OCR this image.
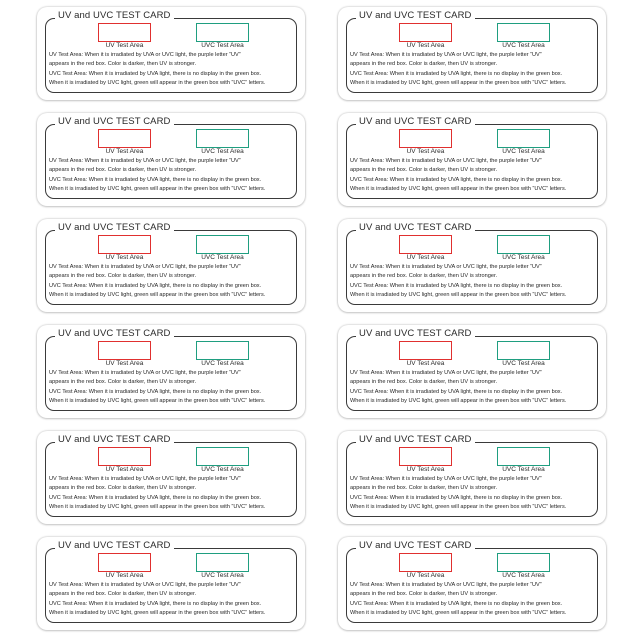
UV and UVC TEST CARD
UV Test Area	UVC Test Area
UV Test Area: When it is irradiated by UVA or UVC light, the purple letter “UV”
appears in the red box. Color is darker, then UV is stronger.
UVC Test Area: When it is irradiated by UVA light, there is no display in the green box.
When it is irradiated by UVC light, green will appear in the green box with “UVC” letters.
UV and UVC TEST CARD
UV Test Area	UVC Test Area
UV Test Area: When it is irradiated by UVA or UVC light, the purple letter “UV”
appears in the red box. Color is darker, then UV is stronger.
UVC Test Area: When it is irradiated by UVA light, there is no display in the green box.
When it is irradiated by UVC light, green will appear in the green box with “UVC” letters.
UV and UVC TEST CARD
UV Test Area	UVC Test Area
UV Test Area: When it is irradiated by UVA or UVC light, the purple letter “UV”
appears in the red box. Color is darker, then UV is stronger.
UVC Test Area: When it is irradiated by UVA light, there is no display in the green box.
When it is irradiated by UVC light, green will appear in the green box with “UVC” letters.
UV and UVC TEST CARD
UV Test Area	UVC Test Area
UV Test Area: When it is irradiated by UVA or UVC light, the purple letter “UV”
appears in the red box. Color is darker, then UV is stronger.
UVC Test Area: When it is irradiated by UVA light, there is no display in the green box.
When it is irradiated by UVC light, green will appear in the green box with “UVC” letters.
UV and UVC TEST CARD
UV Test Area	UVC Test Area
UV Test Area: When it is irradiated by UVA or UVC light, the purple letter “UV”
appears in the red box. Color is darker, then UV is stronger.
UVC Test Area: When it is irradiated by UVA light, there is no display in the green box.
When it is irradiated by UVC light, green will appear in the green box with “UVC” letters.
UV and UVC TEST CARD
UV Test Area	UVC Test Area
UV Test Area: When it is irradiated by UVA or UVC light, the purple letter “UV”
appears in the red box. Color is darker, then UV is stronger.
UVC Test Area: When it is irradiated by UVA light, there is no display in the green box.
When it is irradiated by UVC light, green will appear in the green box with “UVC” letters.
UV and UVC TEST CARD
UV Test Area	UVC Test Area
UV Test Area: When it is irradiated by UVA or UVC light, the purple letter “UV”
appears in the red box. Color is darker, then UV is stronger.
UVC Test Area: When it is irradiated by UVA light, there is no display in the green box.
When it is irradiated by UVC light, green will appear in the green box with “UVC” letters.
UV and UVC TEST CARD
UV Test Area	UVC Test Area
UV Test Area: When it is irradiated by UVA or UVC light, the purple letter “UV”
appears in the red box. Color is darker, then UV is stronger.
UVC Test Area: When it is irradiated by UVA light, there is no display in the green box.
When it is irradiated by UVC light, green will appear in the green box with “UVC” letters.
UV and UVC TEST CARD
UV Test Area	UVC Test Area
UV Test Area: When it is irradiated by UVA or UVC light, the purple letter “UV”
appears in the red box. Color is darker, then UV is stronger.
UVC Test Area: When it is irradiated by UVA light, there is no display in the green box.
When it is irradiated by UVC light, green will appear in the green box with “UVC” letters.
UV and UVC TEST CARD
UV Test Area	UVC Test Area
UV Test Area: When it is irradiated by UVA or UVC light, the purple letter “UV”
appears in the red box. Color is darker, then UV is stronger.
UVC Test Area: When it is irradiated by UVA light, there is no display in the green box.
When it is irradiated by UVC light, green will appear in the green box with “UVC” letters.
UV and UVC TEST CARD
UV Test Area	UVC Test Area
UV Test Area: When it is irradiated by UVA or UVC light, the purple letter “UV”
appears in the red box. Color is darker, then UV is stronger.
UVC Test Area: When it is irradiated by UVA light, there is no display in the green box.
When it is irradiated by UVC light, green will appear in the green box with “UVC” letters.
UV and UVC TEST CARD
UV Test Area	UVC Test Area
UV Test Area: When it is irradiated by UVA or UVC light, the purple letter “UV”
appears in the red box. Color is darker, then UV is stronger.
UVC Test Area: When it is irradiated by UVA light, there is no display in the green box.
When it is irradiated by UVC light, green will appear in the green box with “UVC” letters.
